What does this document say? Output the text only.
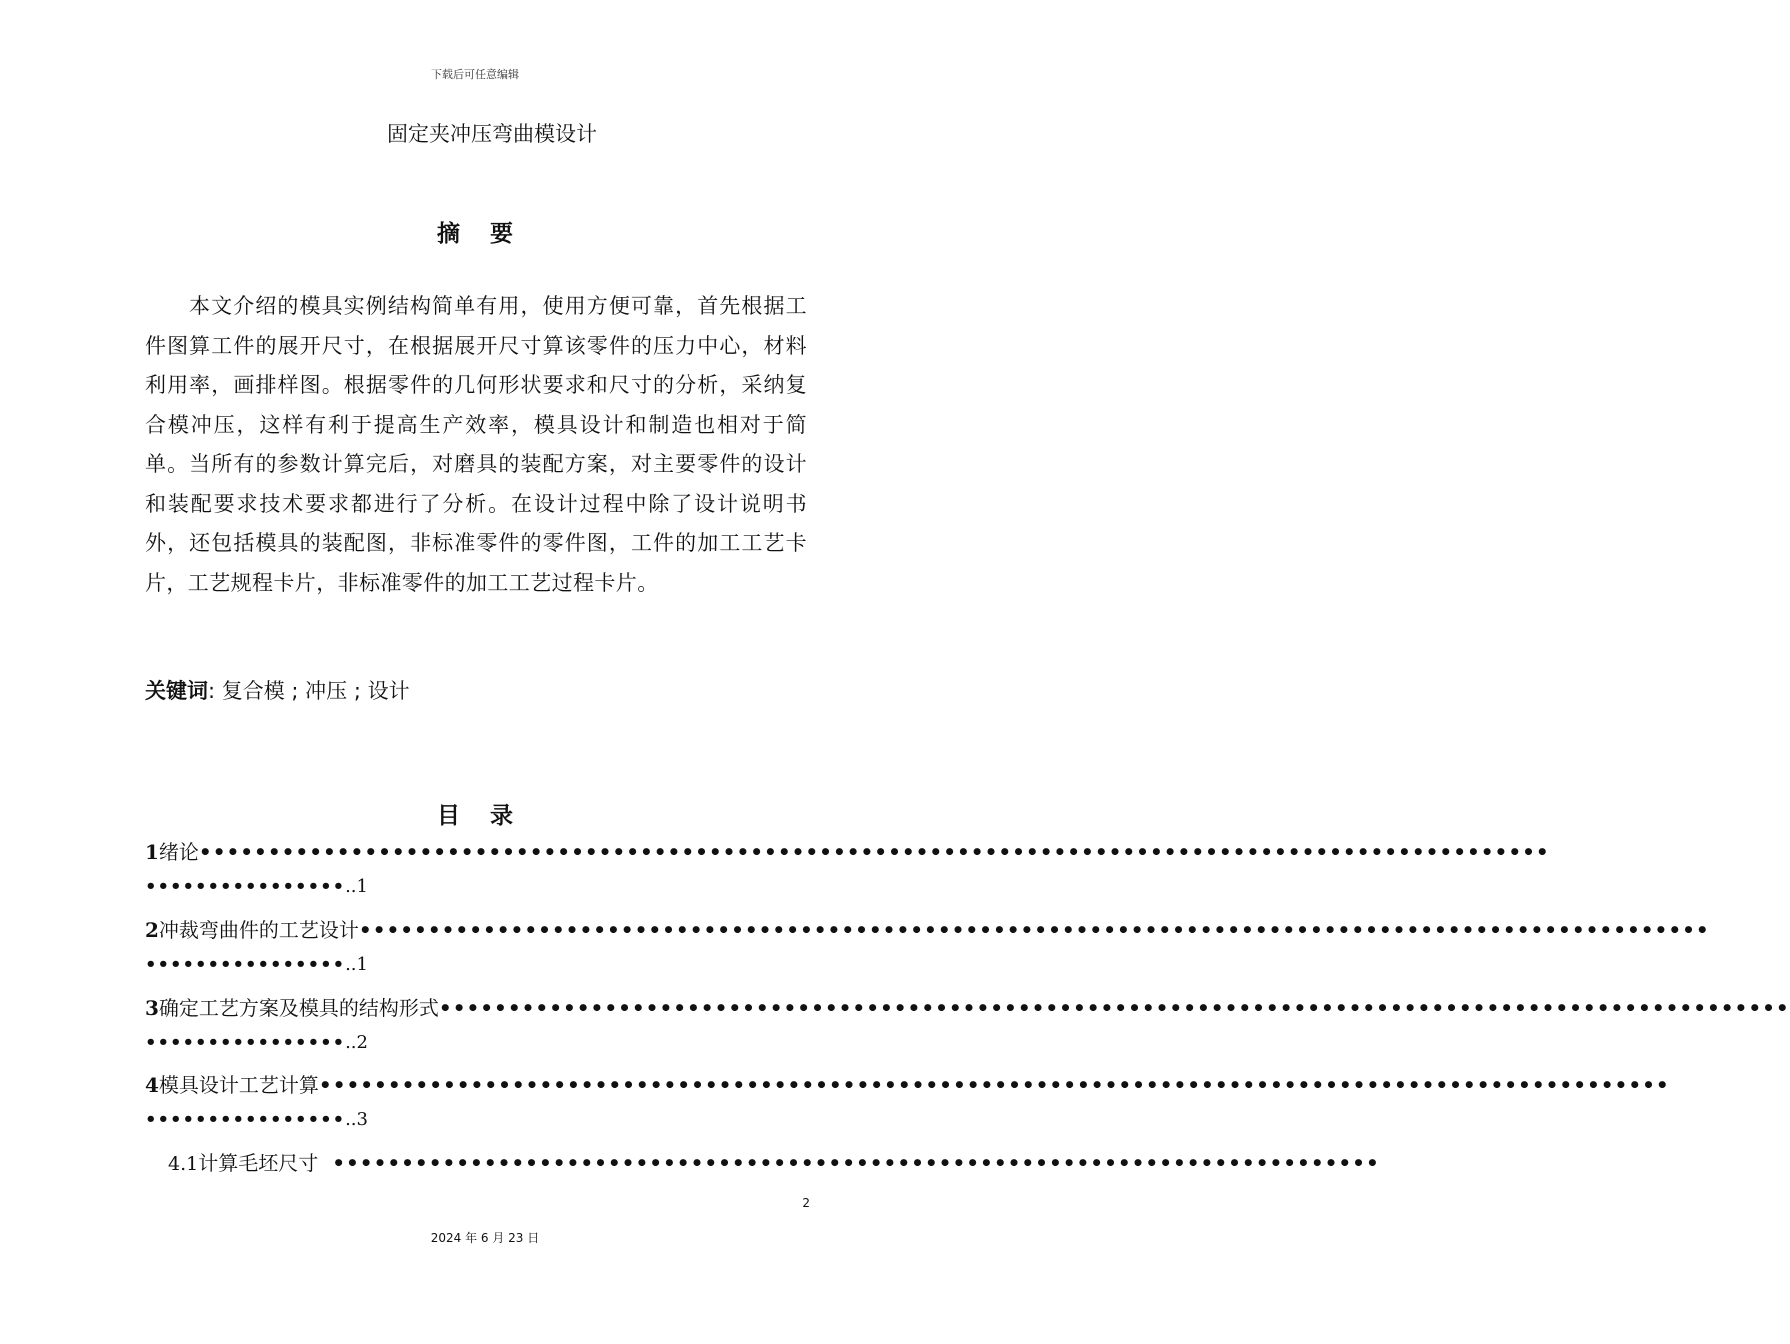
下载后可任意编辑
固定夹冲压弯曲模设计
摘要
本文介绍的模具实例结构简单有用，使用方便可靠，首先根据工件图算工件的展开尺寸，在根据展开尺寸算该零件的压力中心，材料利用率，画排样图。根据零件的几何形状要求和尺寸的分析，采纳复合模冲压，这样有利于提高生产效率，模具设计和制造也相对于简单。当所有的参数计算完后，对磨具的装配方案，对主要零件的设计和装配要求技术要求都进行了分析。在设计过程中除了设计说明书外，还包括模具的装配图，非标准零件的零件图，工件的加工工艺卡片，工艺规程卡片，非标准零件的加工工艺过程卡片。
关键词: 复合模 ; 冲压 ; 设计
目录
1 绪论 ••••••••••••••••••••••••••••••••••••••••••••••••••••••••••••••••••••••••••••••••••••••••••••••••••
••••••••••••••••..1
2 冲裁弯曲件的工艺设计 ••••••••••••••••••••••••••••••••••••••••••••••••••••••••••••••••••••••••••••••••••••••••••••••••••
••••••••••••••••..1
3 确定工艺方案及模具的结构形式 ••••••••••••••••••••••••••••••••••••••••••••••••••••••••••••••••••••••••••••••••••••••••••••••••••
••••••••••••••••..2
4 模具设计工艺计算 ••••••••••••••••••••••••••••••••••••••••••••••••••••••••••••••••••••••••••••••••••••••••••••••••••
••••••••••••••••..3
4.1 计算毛坯尺寸 ••••••••••••••••••••••••••••••••••••••••••••••••••••••••••••••••••••••••••••
2
2024 年 6 月 23 日
